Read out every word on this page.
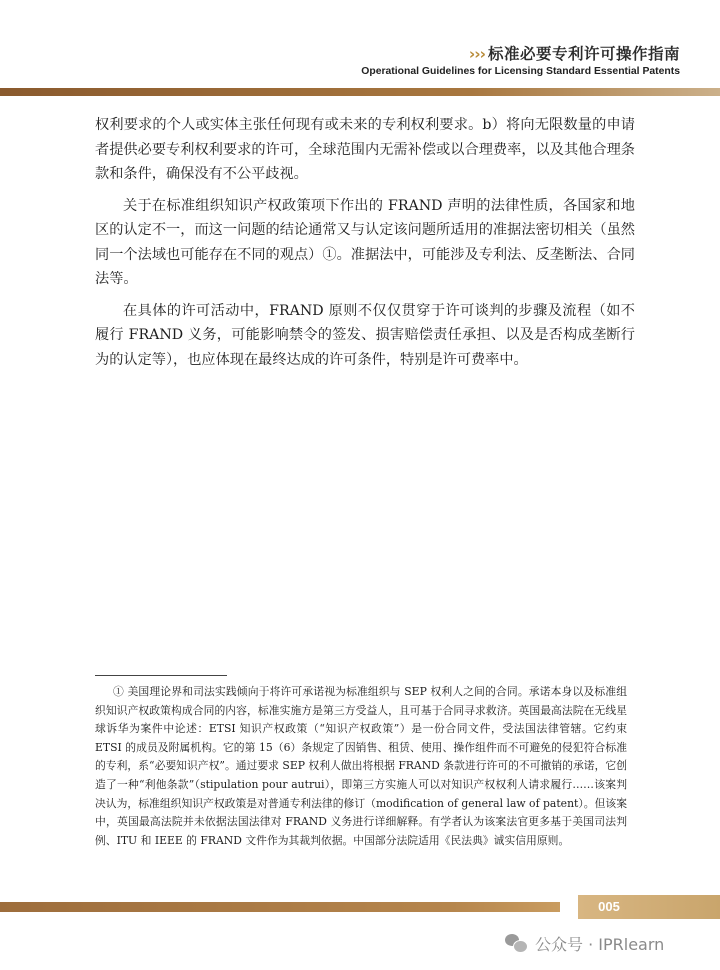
››› 标准必要专利许可操作指南
Operational Guidelines for Licensing Standard Essential Patents

权利要求的个人或实体主张任何现有或未来的专利权利要求。b）将向无限数量的申请者提供必要专利权利要求的许可，全球范围内无需补偿或以合理费率，以及其他合理条款和条件，确保没有不公平歧视。

关于在标准组织知识产权政策项下作出的 FRAND 声明的法律性质，各国家和地区的认定不一，而这一问题的结论通常又与认定该问题所适用的准据法密切相关（虽然同一个法域也可能存在不同的观点）①。准据法中，可能涉及专利法、反垄断法、合同法等。

在具体的许可活动中，FRAND 原则不仅仅贯穿于许可谈判的步骤及流程（如不履行 FRAND 义务，可能影响禁令的签发、损害赔偿责任承担、以及是否构成垄断行为的认定等），也应体现在最终达成的许可条件，特别是许可费率中。

① 美国理论界和司法实践倾向于将许可承诺视为标准组织与 SEP 权利人之间的合同。承诺本身以及标准组织知识产权政策构成合同的内容，标准实施方是第三方受益人，且可基于合同寻求救济。英国最高法院在无线星球诉华为案件中论述：ETSI 知识产权政策（“知识产权政策”）是一份合同文件，受法国法律管辖。它约束 ETSI 的成员及附属机构。它的第 15（6）条规定了因销售、租赁、使用、操作组件而不可避免的侵犯符合标准的专利，系“必要知识产权”。通过要求 SEP 权利人做出将根据 FRAND 条款进行许可的不可撤销的承诺，它创造了一种“利他条款”（stipulation pour autrui），即第三方实施人可以对知识产权权利人请求履行……该案判决认为，标准组织知识产权政策是对普通专利法律的修订（modification of general law of patent）。但该案中，英国最高法院并未依据法国法律对 FRAND 义务进行详细解释。有学者认为该案法官更多基于美国司法判例、ITU 和 IEEE 的 FRAND 文件作为其裁判依据。中国部分法院适用《民法典》诚实信用原则。

005
公众号 · IPRlearn
